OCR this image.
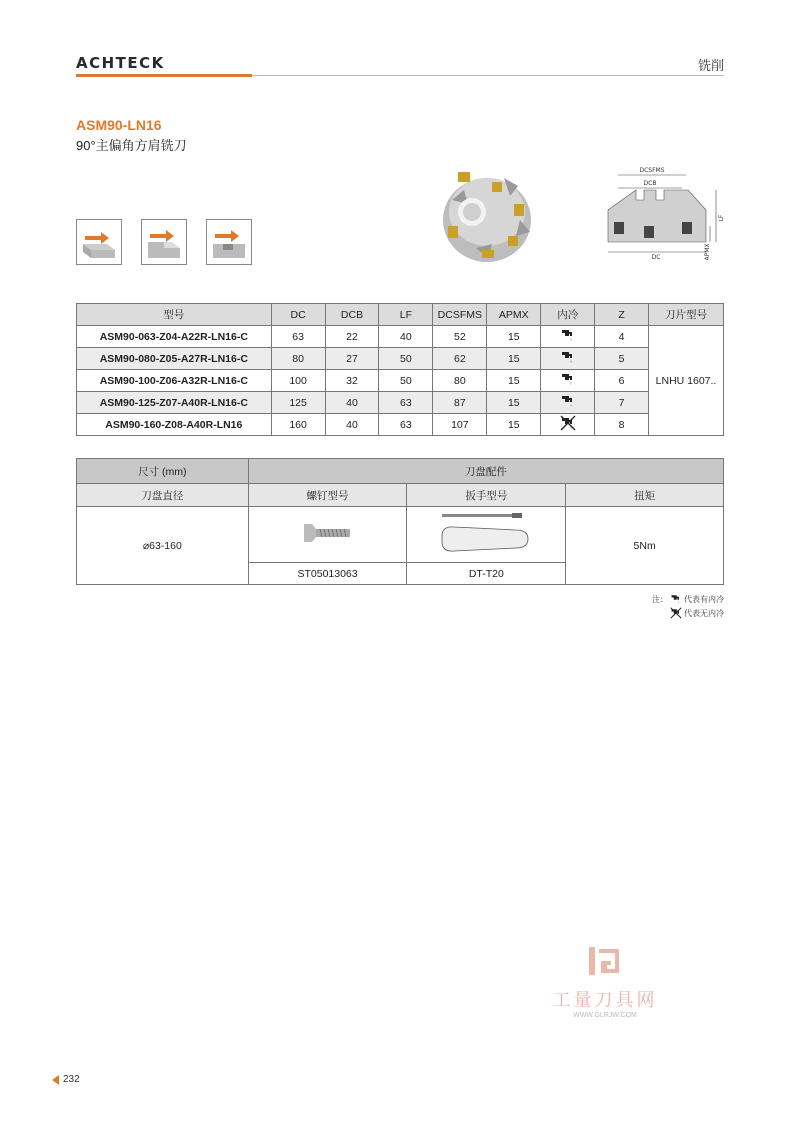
ACHTECK	铣削
ASM90-LN16
90°主偏角方肩铣刀
DCSFMS
DCB
DC
LF
APMX
型号	DC	DCB	LF	DCSFMS	APMX	内冷	Z	刀片型号
ASM90-063-Z04-A22R-LN16-C	63	22	40	52	15		4	LNHU 1607..
ASM90-080-Z05-A27R-LN16-C	80	27	50	62	15		5	
ASM90-100-Z06-A32R-LN16-C	100	32	50	80	15		6	
ASM90-125-Z07-A40R-LN16-C	125	40	63	87	15		7	
ASM90-160-Z08-A40R-LN16	160	40	63	107	15		8	
尺寸 (mm)	刀盘配件		
刀盘直径	螺钉型号	扳手型号	扭矩
⌀63-160			5Nm
	ST05013063	DT-T20	
注： 代表有内冷
代表无内冷
工量刀具网
WWW.GLRJW.COM
232
